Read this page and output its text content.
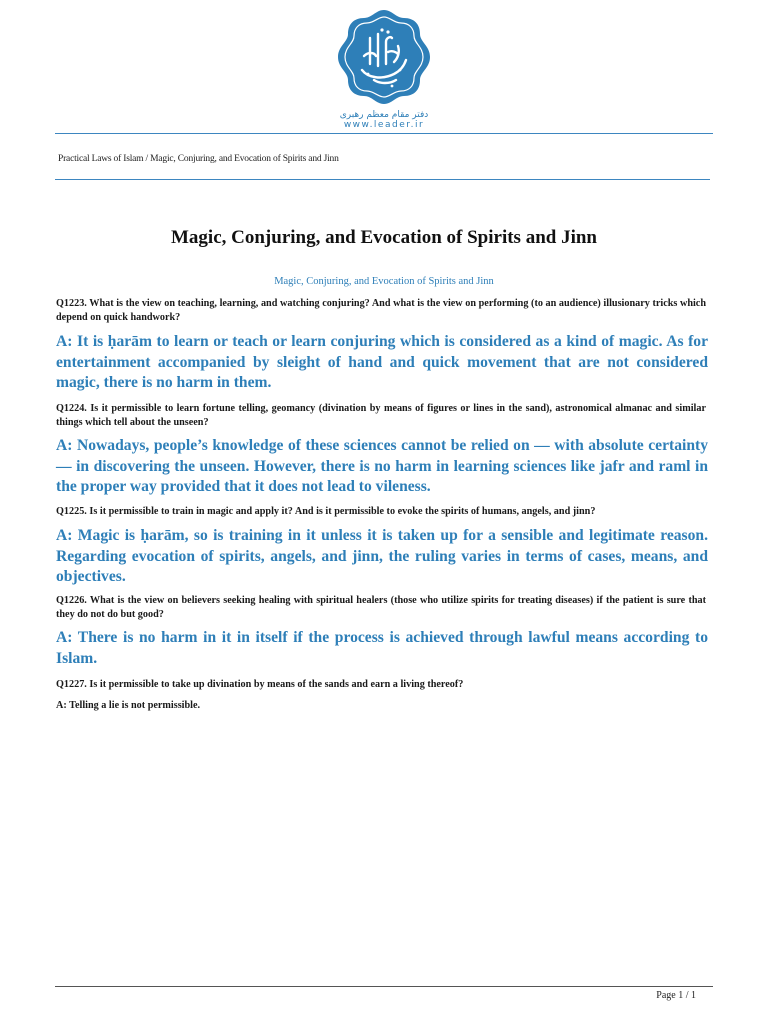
دفتر مقام معظم رهبری
www.leader.ir
Practical Laws of Islam / Magic, Conjuring, and Evocation of Spirits and Jinn
Magic, Conjuring, and Evocation of Spirits and Jinn
Magic, Conjuring, and Evocation of Spirits and Jinn
Q1223. What is the view on teaching, learning, and watching conjuring? And what is the view on performing (to an audience) illusionary tricks which depend on quick handwork?
A: It is ḥarām to learn or teach or learn conjuring which is considered as a kind of magic. As for entertainment accompanied by sleight of hand and quick movement that are not considered magic, there is no harm in them.
Q1224. Is it permissible to learn fortune telling, geomancy (divination by means of figures or lines in the sand), astronomical almanac and similar things which tell about the unseen?
A: Nowadays, people’s knowledge of these sciences cannot be relied on — with absolute certainty — in discovering the unseen. However, there is no harm in learning sciences like jafr and raml in the proper way provided that it does not lead to vileness.
Q1225. Is it permissible to train in magic and apply it? And is it permissible to evoke the spirits of humans, angels, and jinn?
A: Magic is ḥarām, so is training in it unless it is taken up for a sensible and legitimate reason. Regarding evocation of spirits, angels, and jinn, the ruling varies in terms of cases, means, and objectives.
Q1226. What is the view on believers seeking healing with spiritual healers (those who utilize spirits for treating diseases) if the patient is sure that they do not do but good?
A: There is no harm in it in itself if the process is achieved through lawful means according to Islam.
Q1227. Is it permissible to take up divination by means of the sands and earn a living thereof?
A: Telling a lie is not permissible.
Page 1 / 1
